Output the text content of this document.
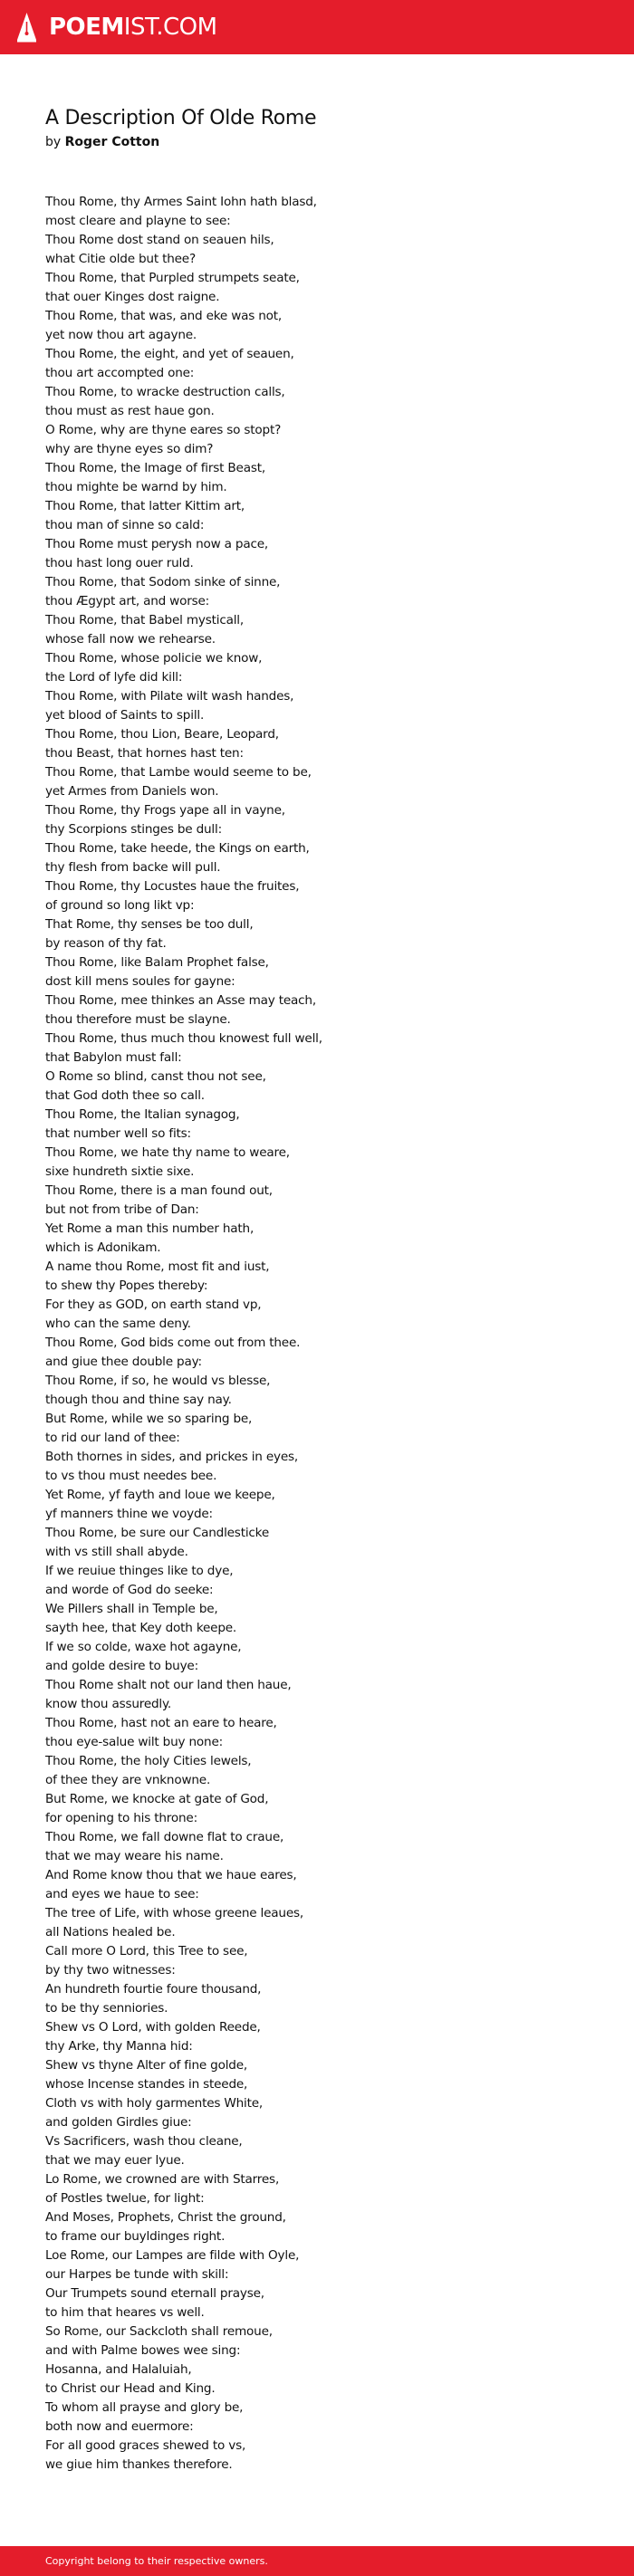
POEMIST.COM
A Description Of Olde Rome
by Roger Cotton
Thou Rome, thy Armes Saint Iohn hath blasd,
most cleare and playne to see:
Thou Rome dost stand on seauen hils,
what Citie olde but thee?
Thou Rome, that Purpled strumpets seate,
that ouer Kinges dost raigne.
Thou Rome, that was, and eke was not,
yet now thou art agayne.
Thou Rome, the eight, and yet of seauen,
thou art accompted one:
Thou Rome, to wracke destruction calls,
thou must as rest haue gon.
O Rome, why are thyne eares so stopt?
why are thyne eyes so dim?
Thou Rome, the Image of first Beast,
thou mighte be warnd by him.
Thou Rome, that latter Kittim art,
thou man of sinne so cald:
Thou Rome must perysh now a pace,
thou hast long ouer ruld.
Thou Rome, that Sodom sinke of sinne,
thou Ægypt art, and worse:
Thou Rome, that Babel mysticall,
whose fall now we rehearse.
Thou Rome, whose policie we know,
the Lord of lyfe did kill:
Thou Rome, with Pilate wilt wash handes,
yet blood of Saints to spill.
Thou Rome, thou Lion, Beare, Leopard,
thou Beast, that hornes hast ten:
Thou Rome, that Lambe would seeme to be,
yet Armes from Daniels won.
Thou Rome, thy Frogs yape all in vayne,
thy Scorpions stinges be dull:
Thou Rome, take heede, the Kings on earth,
thy flesh from backe will pull.
Thou Rome, thy Locustes haue the fruites,
of ground so long likt vp:
That Rome, thy senses be too dull,
by reason of thy fat.
Thou Rome, like Balam Prophet false,
dost kill mens soules for gayne:
Thou Rome, mee thinkes an Asse may teach,
thou therefore must be slayne.
Thou Rome, thus much thou knowest full well,
that Babylon must fall:
O Rome so blind, canst thou not see,
that God doth thee so call.
Thou Rome, the Italian synagog,
that number well so fits:
Thou Rome, we hate thy name to weare,
sixe hundreth sixtie sixe.
Thou Rome, there is a man found out,
but not from tribe of Dan:
Yet Rome a man this number hath,
which is Adonikam.
A name thou Rome, most fit and iust,
to shew thy Popes thereby:
For they as GOD, on earth stand vp,
who can the same deny.
Thou Rome, God bids come out from thee.
and giue thee double pay:
Thou Rome, if so, he would vs blesse,
though thou and thine say nay.
But Rome, while we so sparing be,
to rid our land of thee:
Both thornes in sides, and prickes in eyes,
to vs thou must needes bee.
Yet Rome, yf fayth and loue we keepe,
yf manners thine we voyde:
Thou Rome, be sure our Candlesticke
with vs still shall abyde.
If we reuiue thinges like to dye,
and worde of God do seeke:
We Pillers shall in Temple be,
sayth hee, that Key doth keepe.
If we so colde, waxe hot agayne,
and golde desire to buye:
Thou Rome shalt not our land then haue,
know thou assuredly.
Thou Rome, hast not an eare to heare,
thou eye-salue wilt buy none:
Thou Rome, the holy Cities lewels,
of thee they are vnknowne.
But Rome, we knocke at gate of God,
for opening to his throne:
Thou Rome, we fall downe flat to craue,
that we may weare his name.
And Rome know thou that we haue eares,
and eyes we haue to see:
The tree of Life, with whose greene leaues,
all Nations healed be.
Call more O Lord, this Tree to see,
by thy two witnesses:
An hundreth fourtie foure thousand,
to be thy senniories.
Shew vs O Lord, with golden Reede,
thy Arke, thy Manna hid:
Shew vs thyne Alter of fine golde,
whose Incense standes in steede,
Cloth vs with holy garmentes White,
and golden Girdles giue:
Vs Sacrificers, wash thou cleane,
that we may euer lyue.
Lo Rome, we crowned are with Starres,
of Postles twelue, for light:
And Moses, Prophets, Christ the ground,
to frame our buyldinges right.
Loe Rome, our Lampes are filde with Oyle,
our Harpes be tunde with skill:
Our Trumpets sound eternall prayse,
to him that heares vs well.
So Rome, our Sackcloth shall remoue,
and with Palme bowes wee sing:
Hosanna, and Halaluiah,
to Christ our Head and King.
To whom all prayse and glory be,
both now and euermore:
For all good graces shewed to vs,
we giue him thankes therefore.
Copyright belong to their respective owners.
